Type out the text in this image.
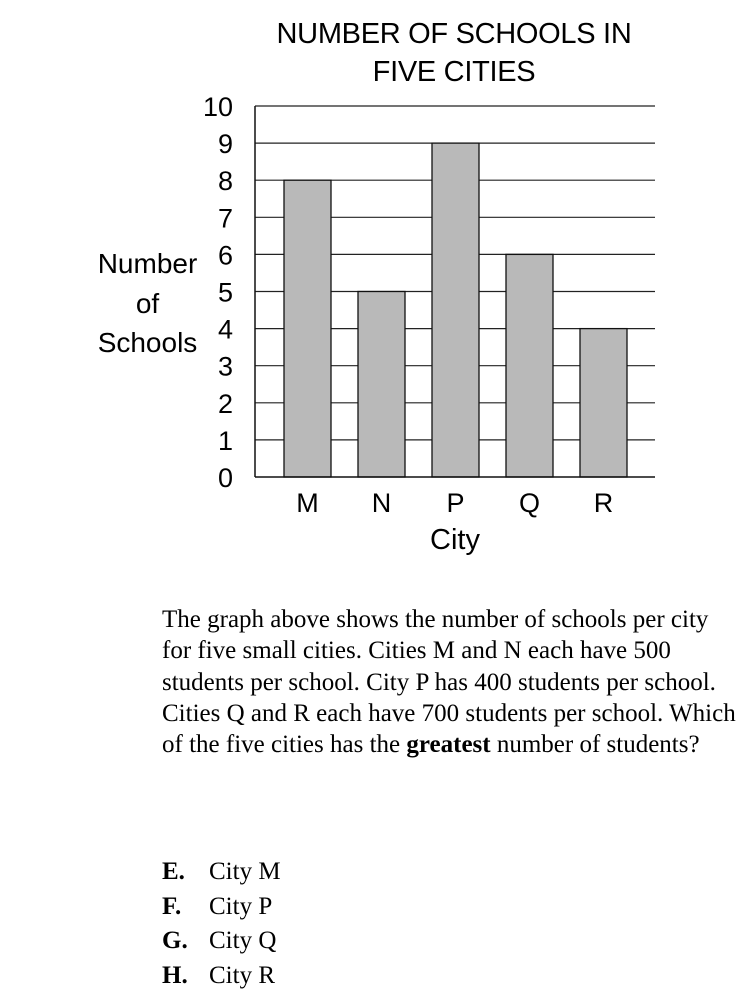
NUMBER OF SCHOOLS IN
FIVE CITIES
Number
of
Schools
0
1
2
3
4
5
6
7
8
9
10
M N P Q R
City
The graph above shows the number of schools per city for five small cities. Cities M and N each have 500 students per school. City P has 400 students per school. Cities Q and R each have 700 students per school. Which of the five cities has the greatest number of students?
E. City M
F. City P
G. City Q
H. City R
